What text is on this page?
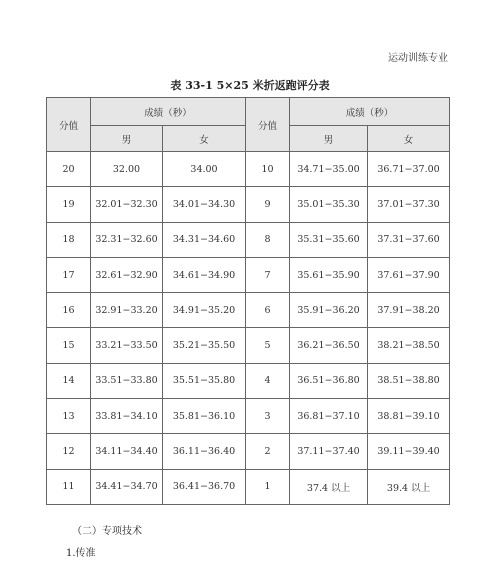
运动训练专业
表 33-1 5×25 米折返跑评分表
分值	成绩（秒）		分值	成绩（秒）	
	男	女		男	女
20	32.00	34.00	10	34.71−35.00	36.71−37.00
19	32.01−32.30	34.01−34.30	9	35.01−35.30	37.01−37.30
18	32.31−32.60	34.31−34.60	8	35.31−35.60	37.31−37.60
17	32.61−32.90	34.61−34.90	7	35.61−35.90	37.61−37.90
16	32.91−33.20	34.91−35.20	6	35.91−36.20	37.91−38.20
15	33.21−33.50	35.21−35.50	5	36.21−36.50	38.21−38.50
14	33.51−33.80	35.51−35.80	4	36.51−36.80	38.51−38.80
13	33.81−34.10	35.81−36.10	3	36.81−37.10	38.81−39.10
12	34.11−34.40	36.11−36.40	2	37.11−37.40	39.11−39.40
11	34.41−34.70	36.41−36.70	1	37.4 以上	39.4 以上
（二）专项技术
1.传准
